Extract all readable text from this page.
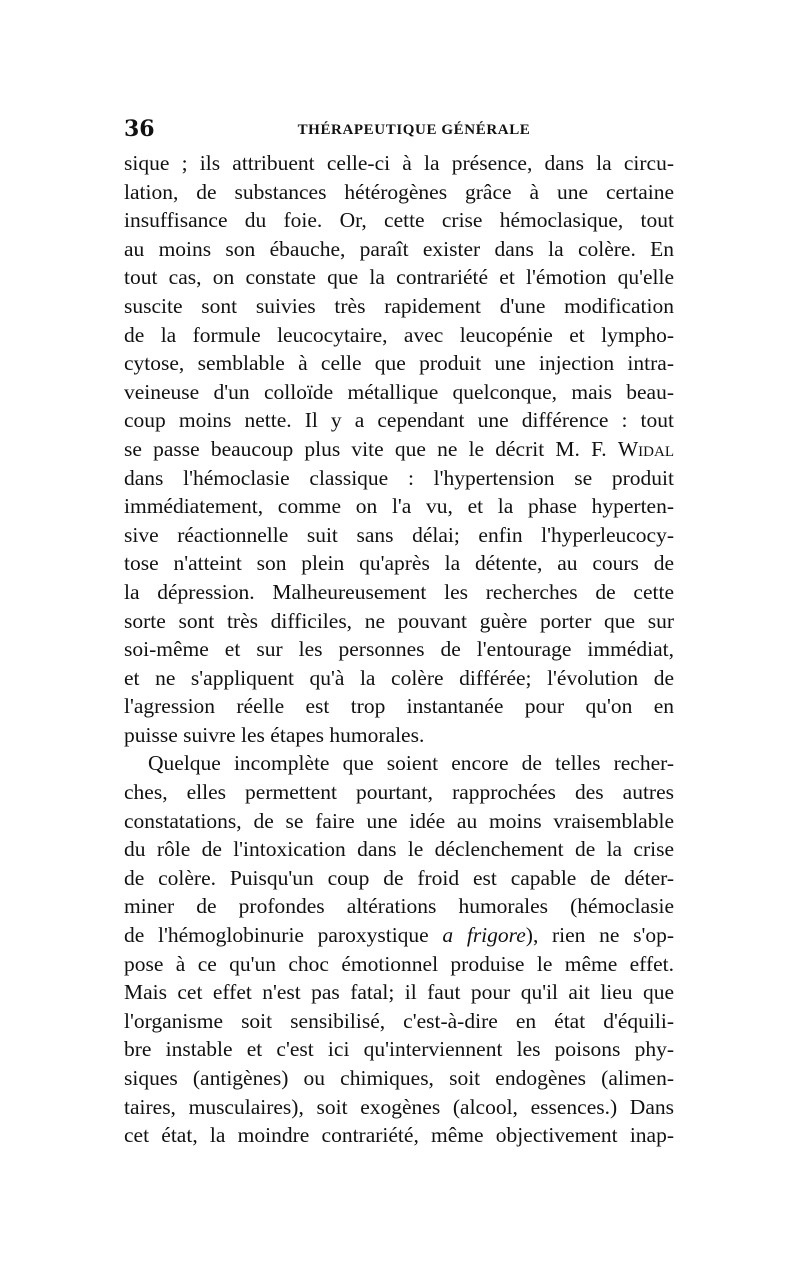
36	THÉRAPEUTIQUE GÉNÉRALE
sique ; ils attribuent celle-ci à la présence, dans la circu-
lation, de substances hétérogènes grâce à une certaine
insuffisance du foie. Or, cette crise hémoclasique, tout
au moins son ébauche, paraît exister dans la colère. En
tout cas, on constate que la contrariété et l'émotion qu'elle
suscite sont suivies très rapidement d'une modification
de la formule leucocytaire, avec leucopénie et lympho-
cytose, semblable à celle que produit une injection intra-
veineuse d'un colloïde métallique quelconque, mais beau-
coup moins nette. Il y a cependant une différence : tout
se passe beaucoup plus vite que ne le décrit M. F. Widal
dans l'hémoclasie classique : l'hypertension se produit
immédiatement, comme on l'a vu, et la phase hyperten-
sive réactionnelle suit sans délai; enfin l'hyperleucocy-
tose n'atteint son plein qu'après la détente, au cours de
la dépression. Malheureusement les recherches de cette
sorte sont très difficiles, ne pouvant guère porter que sur
soi-même et sur les personnes de l'entourage immédiat,
et ne s'appliquent qu'à la colère différée; l'évolution de
l'agression réelle est trop instantanée pour qu'on en
puisse suivre les étapes humorales.
Quelque incomplète que soient encore de telles recher-
ches, elles permettent pourtant, rapprochées des autres
constatations, de se faire une idée au moins vraisemblable
du rôle de l'intoxication dans le déclenchement de la crise
de colère. Puisqu'un coup de froid est capable de déter-
miner de profondes altérations humorales (hémoclasie
de l'hémoglobinurie paroxystique a frigore), rien ne s'op-
pose à ce qu'un choc émotionnel produise le même effet.
Mais cet effet n'est pas fatal; il faut pour qu'il ait lieu que
l'organisme soit sensibilisé, c'est-à-dire en état d'équili-
bre instable et c'est ici qu'interviennent les poisons phy-
siques (antigènes) ou chimiques, soit endogènes (alimen-
taires, musculaires), soit exogènes (alcool, essences.) Dans
cet état, la moindre contrariété, même objectivement inap-
